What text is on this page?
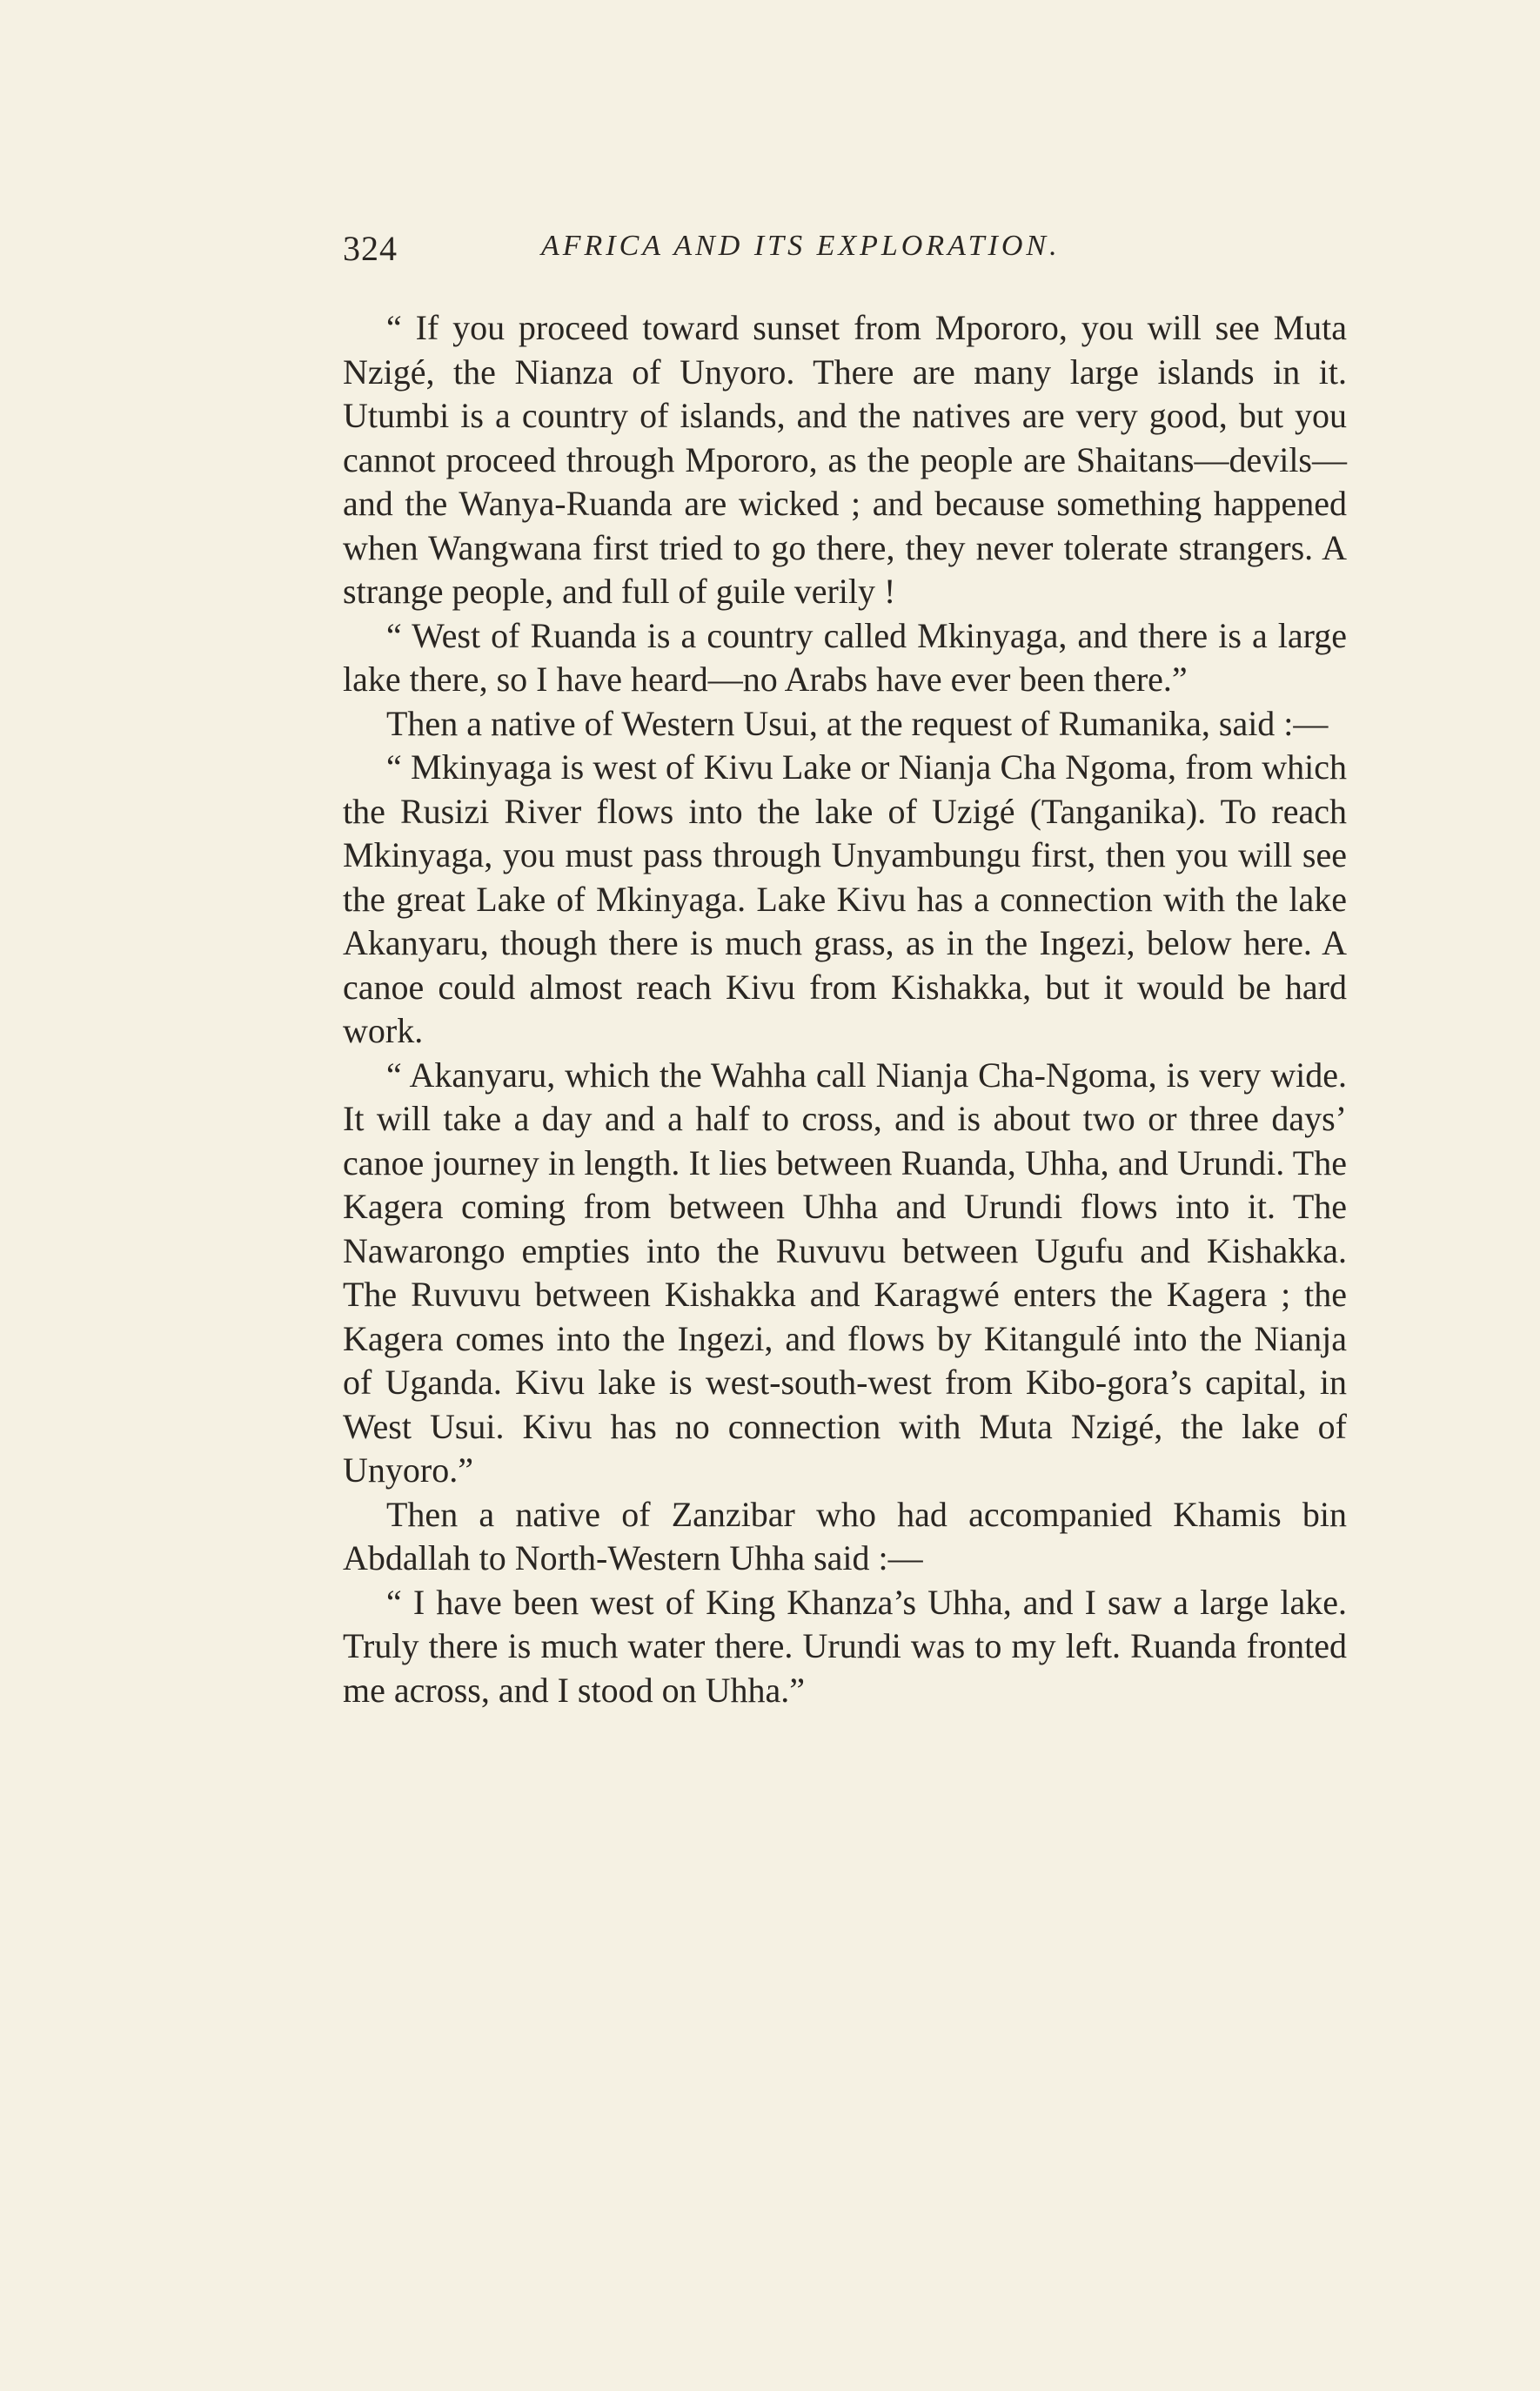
324	AFRICA AND ITS EXPLORATION.

“ If you proceed toward sunset from Mpororo, you will see Muta Nzigé, the Nianza of Unyoro. There are many large islands in it. Utumbi is a country of islands, and the natives are very good, but you cannot proceed through Mpororo, as the people are Shaitans—devils—and the Wanya-Ruanda are wicked ; and because something happened when Wangwana first tried to go there, they never tolerate strangers. A strange people, and full of guile verily !

“ West of Ruanda is a country called Mkinyaga, and there is a large lake there, so I have heard—no Arabs have ever been there.”

Then a native of Western Usui, at the request of Rumanika, said :—

“ Mkinyaga is west of Kivu Lake or Nianja Cha Ngoma, from which the Rusizi River flows into the lake of Uzigé (Tanganika). To reach Mkinyaga, you must pass through Unyambungu first, then you will see the great Lake of Mkinyaga. Lake Kivu has a connection with the lake Akanyaru, though there is much grass, as in the Ingezi, below here. A canoe could almost reach Kivu from Kishakka, but it would be hard work.

“ Akanyaru, which the Wahha call Nianja Cha-Ngoma, is very wide. It will take a day and a half to cross, and is about two or three days’ canoe journey in length. It lies between Ruanda, Uhha, and Urundi. The Kagera coming from between Uhha and Urundi flows into it. The Nawarongo empties into the Ruvuvu between Ugufu and Kishakka. The Ruvuvu between Kishakka and Karagwé enters the Kagera ; the Kagera comes into the Ingezi, and flows by Kitangulé into the Nianja of Uganda. Kivu lake is west-south-west from Kibo-gora’s capital, in West Usui. Kivu has no connection with Muta Nzigé, the lake of Unyoro.”

Then a native of Zanzibar who had accompanied Khamis bin Abdallah to North-Western Uhha said :—

“ I have been west of King Khanza’s Uhha, and I saw a large lake. Truly there is much water there. Urundi was to my left. Ruanda fronted me across, and I stood on Uhha.”
